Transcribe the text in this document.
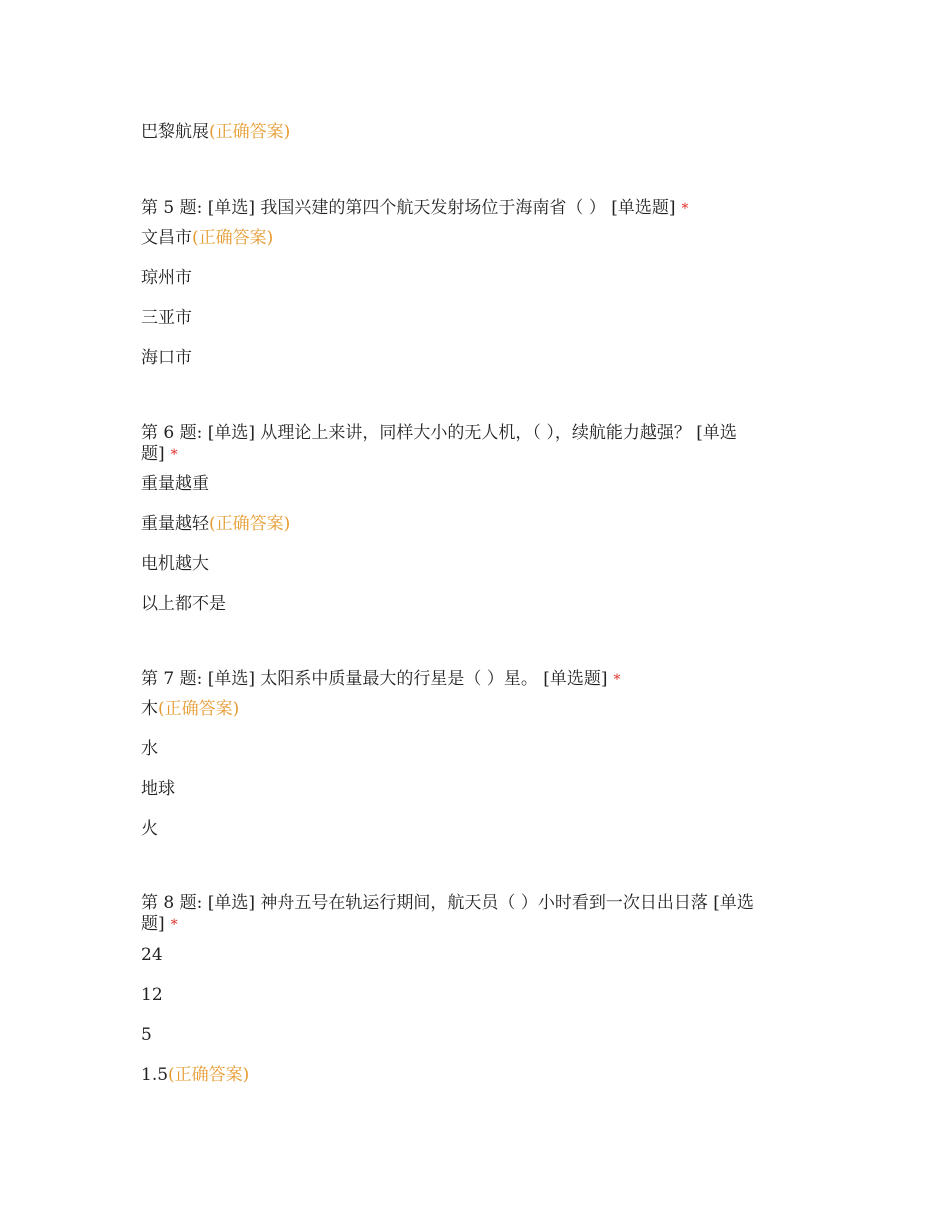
巴黎航展(正确答案)
第 5 题: [单选] 我国兴建的第四个航天发射场位于海南省（ ） [单选题] *
文昌市(正确答案)
琼州市
三亚市
海口市
第 6 题: [单选] 从理论上来讲，同样大小的无人机，（ ），续航能力越强？ [单选
题] *
重量越重
重量越轻(正确答案)
电机越大
以上都不是
第 7 题: [单选] 太阳系中质量最大的行星是（ ）星。 [单选题] *
木(正确答案)
水
地球
火
第 8 题: [单选] 神舟五号在轨运行期间，航天员（ ）小时看到一次日出日落 [单选
题] *
24
12
5
1.5(正确答案)
